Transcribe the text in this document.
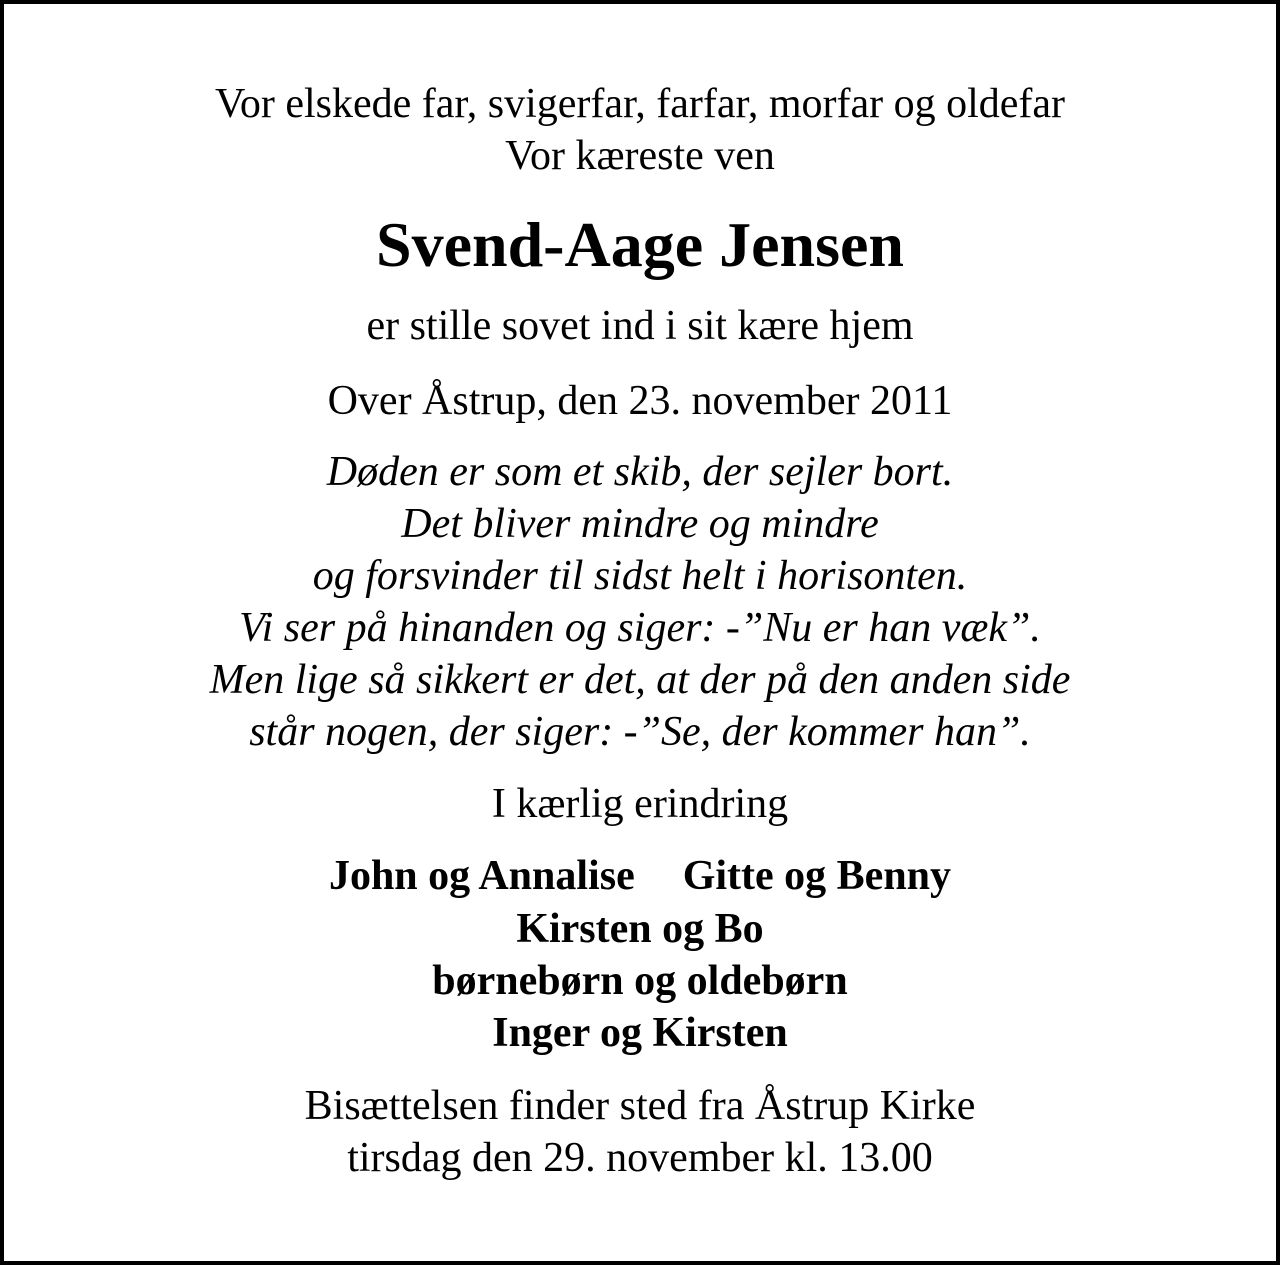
Vor elskede far, svigerfar, farfar, morfar og oldefar
Vor kæreste ven
Svend-Aage Jensen
er stille sovet ind i sit kære hjem
Over Åstrup, den 23. november 2011
Døden er som et skib, der sejler bort.
Det bliver mindre og mindre
og forsvinder til sidst helt i horisonten.
Vi ser på hinanden og siger: -”Nu er han væk”.
Men lige så sikkert er det, at der på den anden side
står nogen, der siger: -”Se, der kommer han”.
I kærlig erindring
John og Annalise Gitte og Benny
Kirsten og Bo
børnebørn og oldebørn
Inger og Kirsten
Bisættelsen finder sted fra Åstrup Kirke
tirsdag den 29. november kl. 13.00
